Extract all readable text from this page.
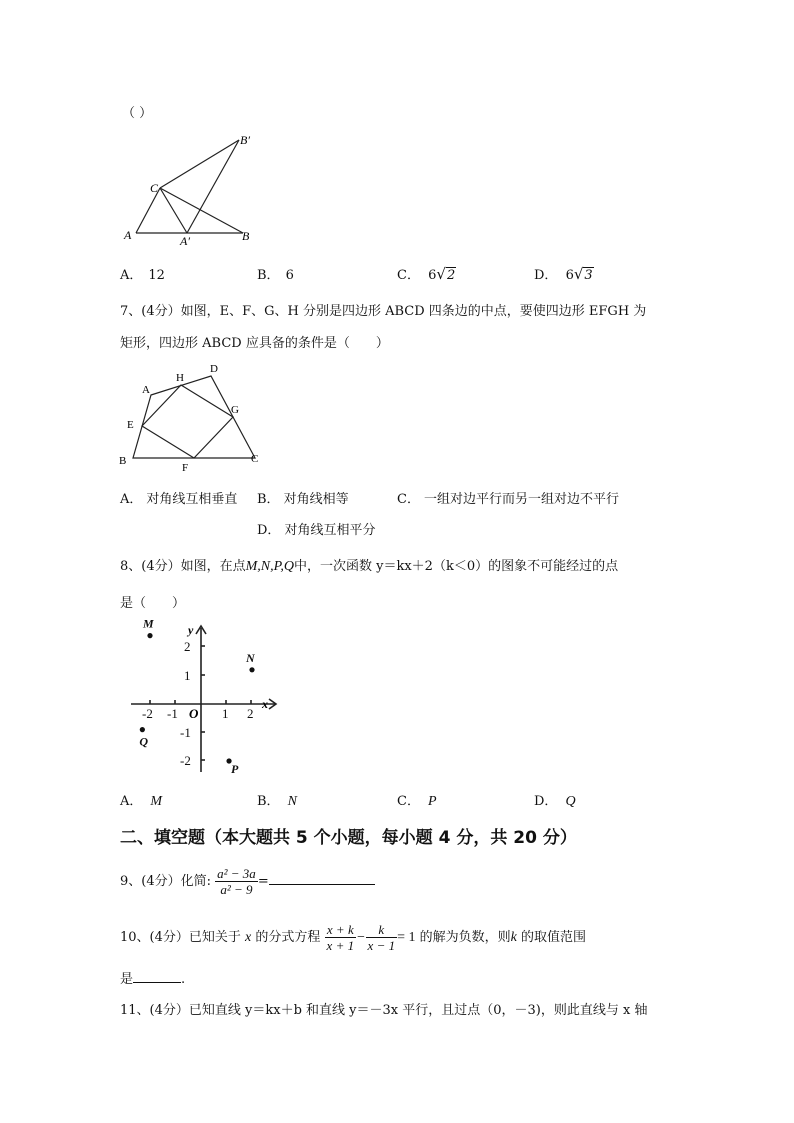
（ ）
B′
C
A	A′	B
A． 12	B． 6	C． 6√2	D． 6√3
7、(4分）如图，E、F、G、H 分别是四边形 ABCD 四条边的中点，要使四边形 EFGH 为
矩形，四边形 ABCD 应具备的条件是（　　）
A
H
D
E
G
B
F
C
A． 对角线互相垂直 B． 对角线相等	C． 一组对边平行而另一组对边不平行
D． 对角线互相平分
8、(4分）如图，在点M,N,P,Q中，一次函数 y＝kx＋2（k＜0）的图象不可能经过的点
是（　　）
2
1
-1
-2
-2 -1	1 2
O
y
x
M
N
P
Q
A． M	B． N	C． P	D． Q
二、填空题（本大题共 5 个小题，每小题 4 分，共 20 分）
9、(4分）化简: $\frac{\text{a² − 3a}}{\text{a² − 9}}$ =
10、(4分）已知关于 x 的分式方程 $\frac{x + k}{x + 1} - \frac{k}{x - 1} = 1$ 的解为负数，则k 的取值范围
是	.
11、(4分）已知直线 y＝kx＋b 和直线 y＝－3x 平行，且过点（0，－3)，则此直线与 x 轴
